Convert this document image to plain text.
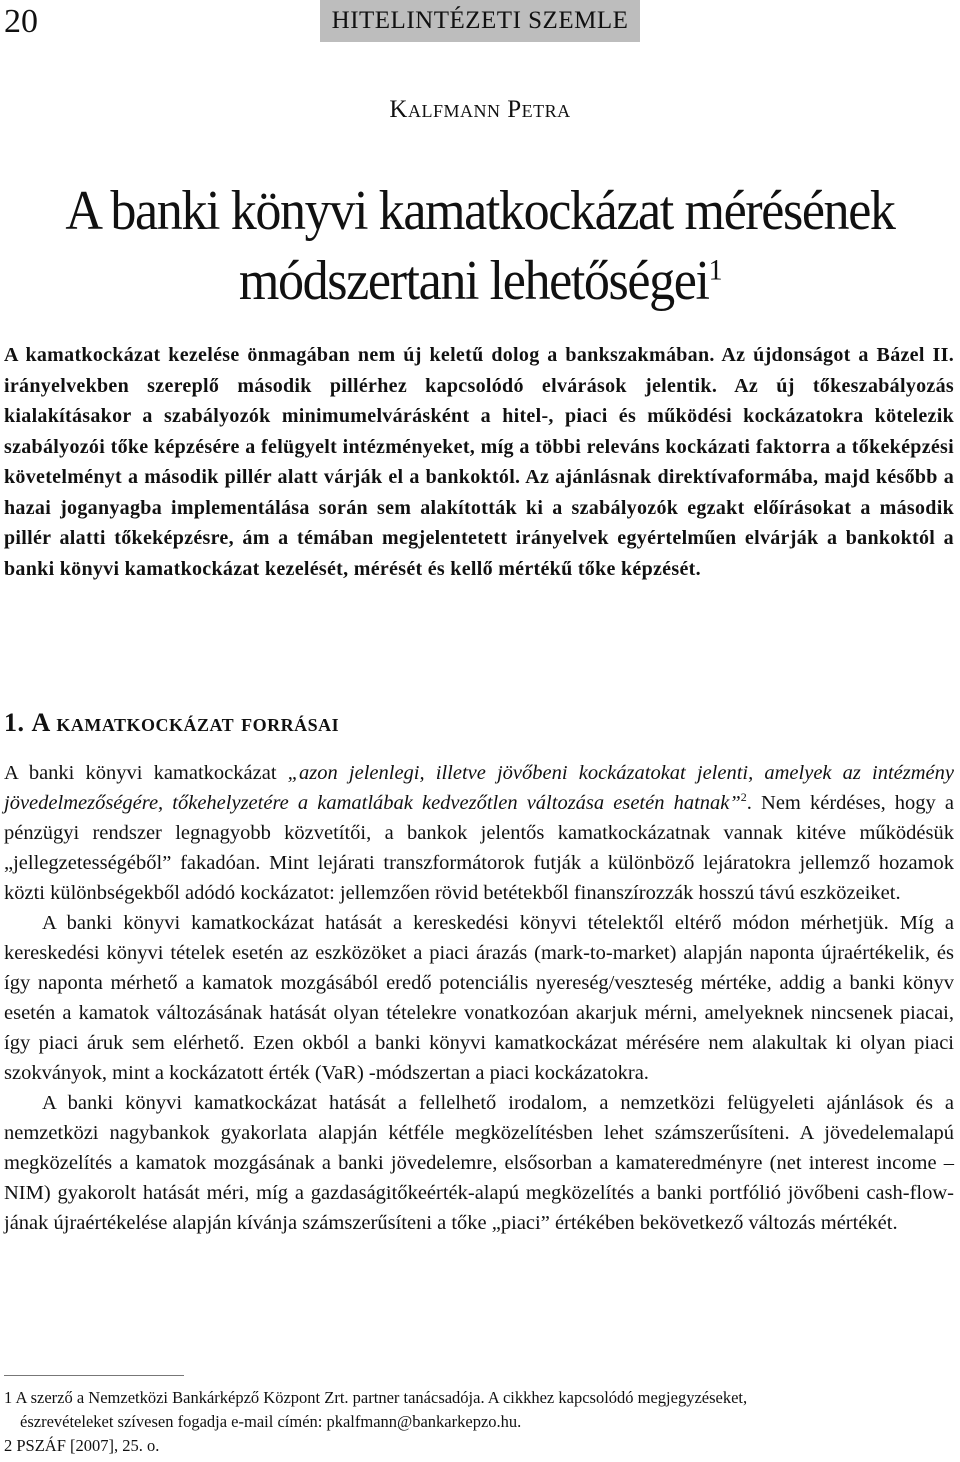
20	HITELINTÉZETI SZEMLE
Kalfmann Petra
A banki könyvi kamatkockázat mérésének
módszertani lehetőségei$^1$
A kamatkockázat kezelése önmagában nem új keletű dolog a bankszakmában. Az újdonságot a Bázel II. irányelvekben szereplő második pillérhez kapcsolódó elvárások jelentik. Az új tőkeszabályozás kialakításakor a szabályozók minimumelvárásként a hitel-, piaci és működési kockázatokra kötelezik szabályozói tőke képzésére a felügyelt intézményeket, míg a többi releváns kockázati faktorra a tőkeképzési követelményt a második pillér alatt várják el a bankoktól. Az ajánlásnak direktívaformába, majd később a hazai joganyagba implementálása során sem alakították ki a szabályozók egzakt előírásokat a második pillér alatti tőkeképzésre, ám a témában megjelentetett irányelvek egyértelműen elvárják a bankoktól a banki könyvi kamatkockázat kezelését, mérését és kellő mértékű tőke képzését.
1. A kamatkockázat forrásai

A banki könyvi kamatkockázat „azon jelenlegi, illetve jövőbeni kockázatokat jelenti, amelyek az intézmény jövedelmezőségére, tőkehelyzetére a kamatlábak kedvezőtlen változása esetén hatnak”$^2$. Nem kérdéses, hogy a pénzügyi rendszer legnagyobb közvetítői, a bankok jelentős kamatkockázatnak vannak kitéve működésük „jellegzetességéből” fakadóan. Mint lejárati transzformátorok futják a különböző lejáratokra jellemző hozamok közti különbségekből adódó kockázatot: jellemzően rövid betétekből finanszírozzák hosszú távú eszközeiket.

A banki könyvi kamatkockázat hatását a kereskedési könyvi tételektől eltérő módon mérhetjük. Míg a kereskedési könyvi tételek esetén az eszközöket a piaci árazás (mark-to-market) alapján naponta újraértékelik, és így naponta mérhető a kamatok mozgásából eredő potenciális nyereség/veszteség mértéke, addig a banki könyv esetén a kamatok változásának hatását olyan tételekre vonatkozóan akarjuk mérni, amelyeknek nincsenek piacai, így piaci áruk sem elérhető. Ezen okból a banki könyvi kamatkockázat mérésére nem alakultak ki olyan piaci szokványok, mint a kockázatott érték (VaR) -módszertan a piaci kockázatokra.

A banki könyvi kamatkockázat hatását a fellelhető irodalom, a nemzetközi felügyeleti ajánlások és a nemzetközi nagybankok gyakorlata alapján kétféle megközelítésben lehet számszerűsíteni. A jövedelemalapú megközelítés a kamatok mozgásának a banki jövedelemre, elsősorban a kamateredményre (net interest income – NIM) gyakorolt hatását méri, míg a gazdaságitőkeérték-alapú megközelítés a banki portfólió jövőbeni cash-flow-jának újraértékelése alapján kívánja számszerűsíteni a tőke „piaci” értékében bekövetkező változás mértékét.

1 A szerző a Nemzetközi Bankárképző Központ Zrt. partner tanácsadója. A cikkhez kapcsolódó megjegyzéseket,

észrevételeket szívesen fogadja e-mail címén: pkalfmann@bankarkepzo.hu.

2 PSZÁF [2007], 25. o.
